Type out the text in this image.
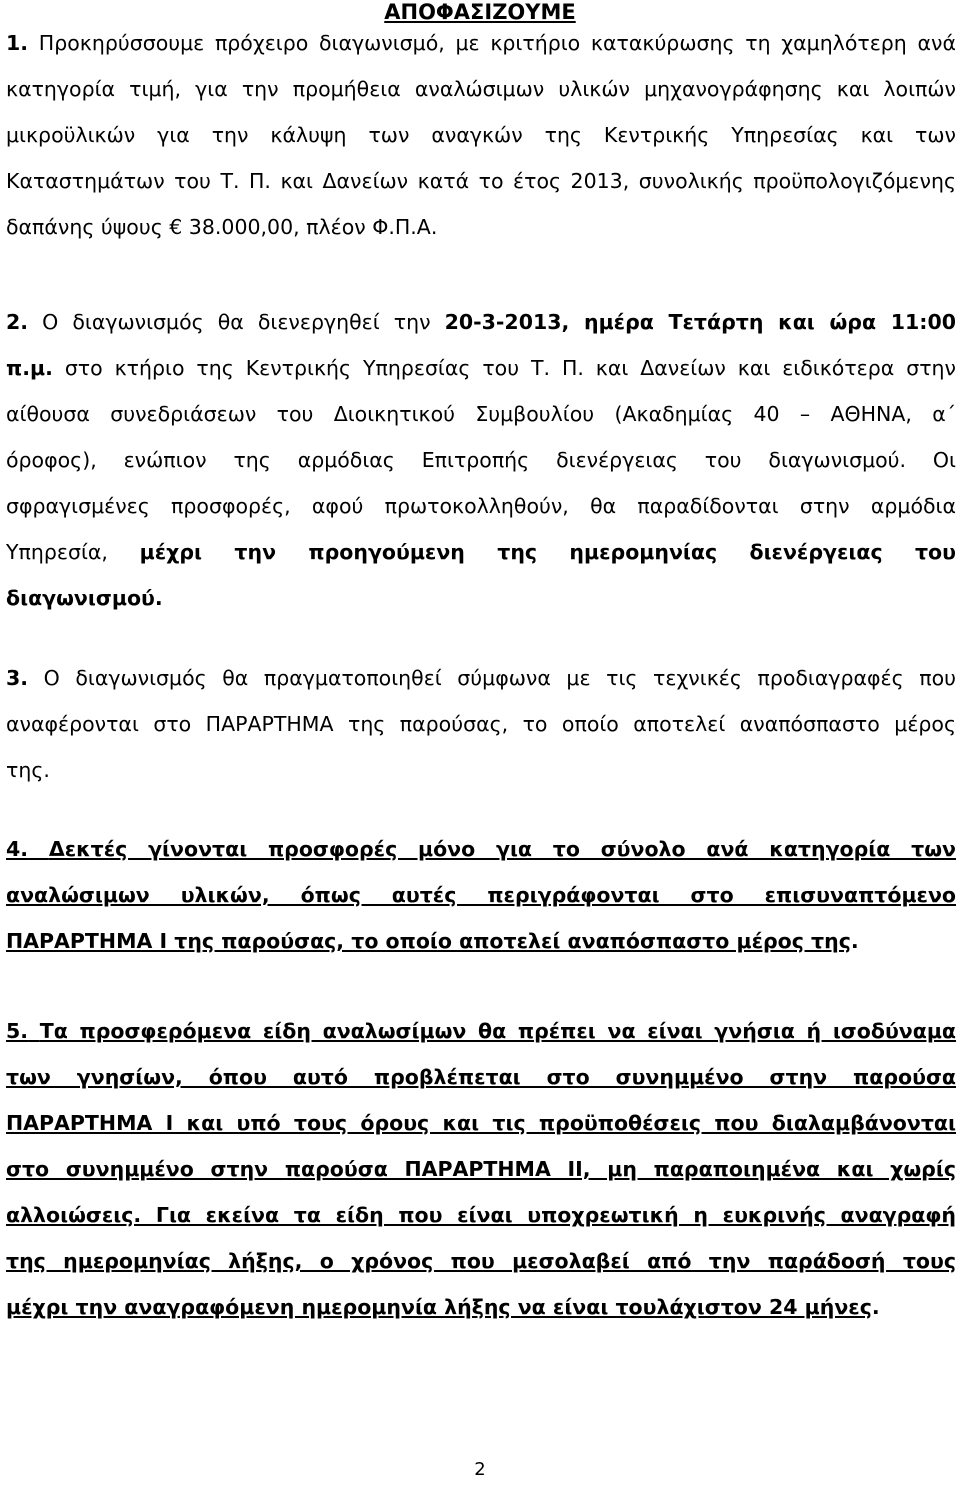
ΑΠΟΦΑΣΙΖΟΥΜΕ
1. Προκηρύσσουμε πρόχειρο διαγωνισμό, με κριτήριο κατακύρωσης τη χαμηλότερη ανά
κατηγορία τιμή, για την προμήθεια αναλώσιμων υλικών μηχανογράφησης και λοιπών
μικροϋλικών για την κάλυψη των αναγκών της Κεντρικής Υπηρεσίας και των
Καταστημάτων του Τ. Π. και Δανείων κατά το έτος 2013, συνολικής προϋπολογιζόμενης
δαπάνης ύψους € 38.000,00, πλέον Φ.Π.Α.
2. Ο διαγωνισμός θα διενεργηθεί την 20-3-2013, ημέρα Τετάρτη και ώρα 11:00
π.μ. στο κτήριο της Κεντρικής Υπηρεσίας του Τ. Π. και Δανείων και ειδικότερα στην
αίθουσα συνεδριάσεων του Διοικητικού Συμβουλίου (Ακαδημίας 40 – ΑΘΗΝΑ, α΄
όροφος), ενώπιον της αρμόδιας Επιτροπής διενέργειας του διαγωνισμού. Οι
σφραγισμένες προσφορές, αφού πρωτοκολληθούν, θα παραδίδονται στην αρμόδια
Υπηρεσία, μέχρι την προηγούμενη της ημερομηνίας διενέργειας του
διαγωνισμού.
3. Ο διαγωνισμός θα πραγματοποιηθεί σύμφωνα με τις τεχνικές προδιαγραφές που
αναφέρονται στο ΠΑΡΑΡΤΗΜΑ της παρούσας, το οποίο αποτελεί αναπόσπαστο μέρος
της.
4. Δεκτές γίνονται προσφορές μόνο για το σύνολο ανά κατηγορία των
αναλώσιμων υλικών, όπως αυτές περιγράφονται στο επισυναπτόμενο
ΠΑΡΑΡΤΗΜΑ Ι της παρούσας, το οποίο αποτελεί αναπόσπαστο μέρος της.
5. Τα προσφερόμενα είδη αναλωσίμων θα πρέπει να είναι γνήσια ή ισοδύναμα
των γνησίων, όπου αυτό προβλέπεται στο συνημμένο στην παρούσα
ΠΑΡΑΡΤΗΜΑ Ι και υπό τους όρους και τις προϋποθέσεις που διαλαμβάνονται
στο συνημμένο στην παρούσα ΠΑΡΑΡΤΗΜΑ ΙΙ, μη παραποιημένα και χωρίς
αλλοιώσεις. Για εκείνα τα είδη που είναι υποχρεωτική η ευκρινής αναγραφή
της ημερομηνίας λήξης, ο χρόνος που μεσολαβεί από την παράδοσή τους
μέχρι την αναγραφόμενη ημερομηνία λήξης να είναι τουλάχιστον 24 μήνες.
2
